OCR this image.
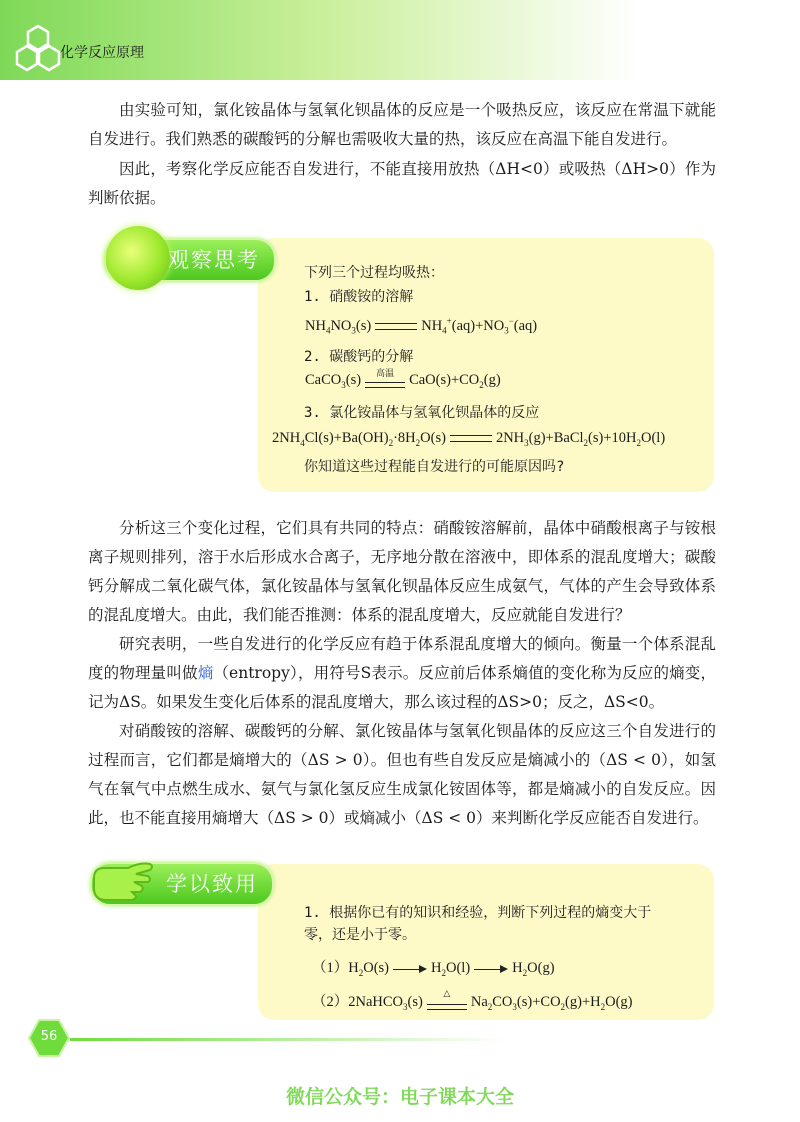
化学反应原理

由实验可知，氯化铵晶体与氢氧化钡晶体的反应是一个吸热反应，该反应在常温下就能自发进行。我们熟悉的碳酸钙的分解也需吸收大量的热，该反应在高温下能自发进行。

因此，考察化学反应能否自发进行，不能直接用放热（ΔH<0）或吸热（ΔH>0）作为判断依据。

观察思考
下列三个过程均吸热：
1. 硝酸铵的溶解
$NH_4NO_3(s)$	$NH_4^+(aq)+NO_3^-(aq)$
2. 碳酸钙的分解
CaCO$_3$(s)	高温	$CaO(s)+CO_2(g)$
3. 氯化铵晶体与氢氧化钡晶体的反应
$2NH_4Cl(s)+Ba(OH)_2\cdot 8H_2O(s)$	$2NH_3(g)+BaCl_2(s)+10H_2O(l)$
你知道这些过程能自发进行的可能原因吗?

分析这三个变化过程，它们具有共同的特点：硝酸铵溶解前，晶体中硝酸根离子与铵根离子规则排列，溶于水后形成水合离子，无序地分散在溶液中，即体系的混乱度增大；碳酸钙分解成二氧化碳气体，氯化铵晶体与氢氧化钡晶体反应生成氨气，气体的产生会导致体系的混乱度增大。由此，我们能否推测：体系的混乱度增大，反应就能自发进行？

研究表明，一些自发进行的化学反应有趋于体系混乱度增大的倾向。衡量一个体系混乱度的物理量叫做熵（entropy），用符号S表示。反应前后体系熵值的变化称为反应的熵变，记为ΔS。如果发生变化后体系的混乱度增大，那么该过程的ΔS>0；反之，ΔS<0。

对硝酸铵的溶解、碳酸钙的分解、氯化铵晶体与氢氧化钡晶体的反应这三个自发进行的过程而言，它们都是熵增大的（ΔS > 0）。但也有些自发反应是熵减小的（ΔS < 0），如氢气在氧气中点燃生成水、氨气与氯化氢反应生成氯化铵固体等，都是熵减小的自发反应。因此，也不能直接用熵增大（ΔS > 0）或熵减小（ΔS < 0）来判断化学反应能否自发进行。

学以致用
1. 根据你已有的知识和经验，判断下列过程的熵变大于
零，还是小于零。
$(1)H_2O(s)$	$H_2O(l)$	$H_2O(g)$
（2）2NaHCO$_3$(s)
△
$Na_2CO_3(s)+CO_2(g)+H_2O(g)$
56
微信公众号：电子课本大全
